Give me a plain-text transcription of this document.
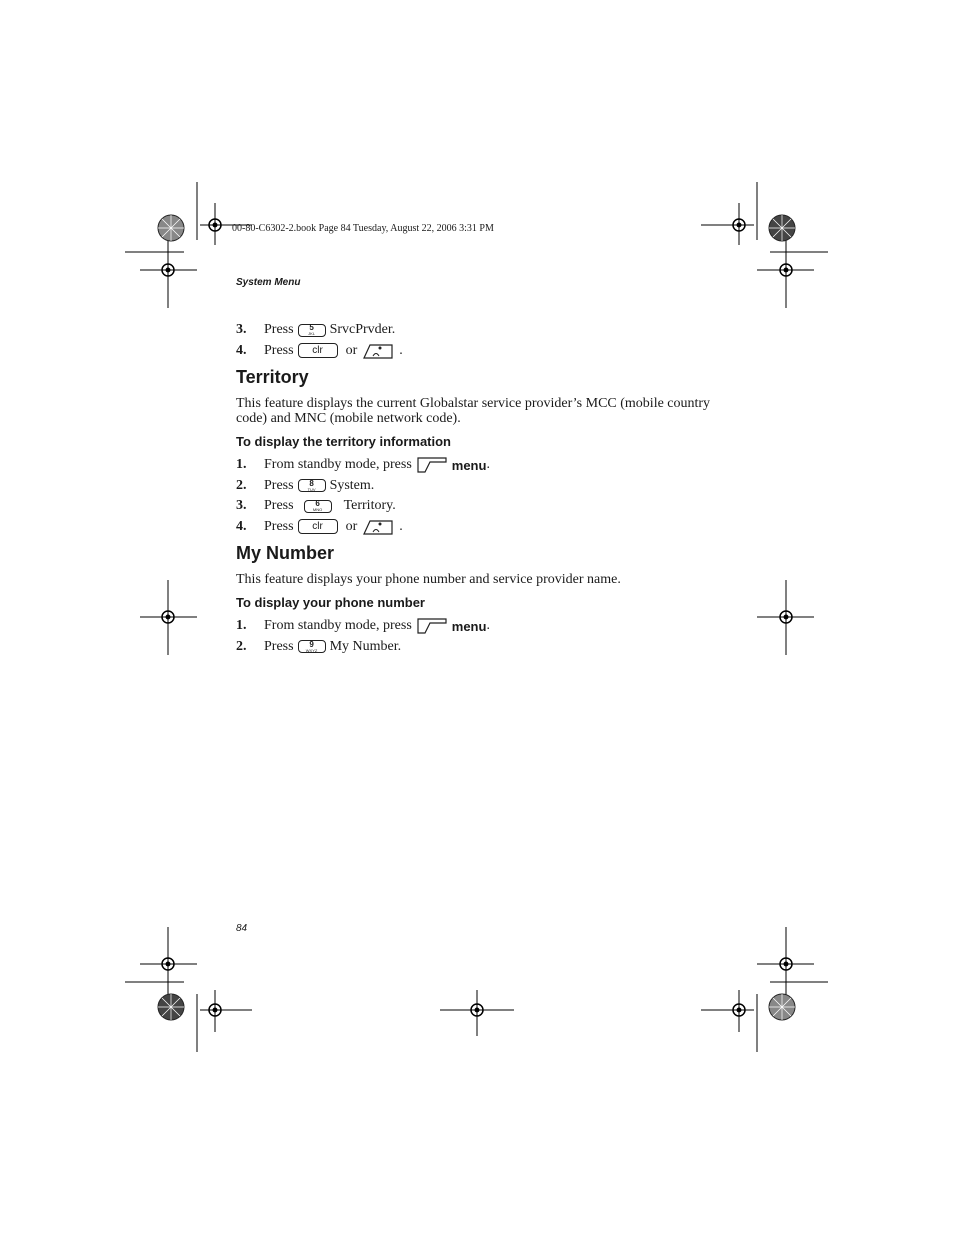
00-80-C6302-2.book Page 84 Tuesday, August 22, 2006 3:31 PM
System Menu
3.	Press 5
JKL SrvcPrvder.
4.	Press	clr	or	.
Territory

This feature displays the current Globalstar service provider’s MCC (mobile country code) and MNC (mobile network code).

To display the territory information
1.	From standby mode, press	menu .
2.	Press 8
TUV System.
3.	Press	6
MNO Territory.
4.	Press	clr	or	.
My Number

This feature displays your phone number and service provider name.

To display your phone number
1.	From standby mode, press	menu .
2.	Press 9
WXYZ My Number.
84
